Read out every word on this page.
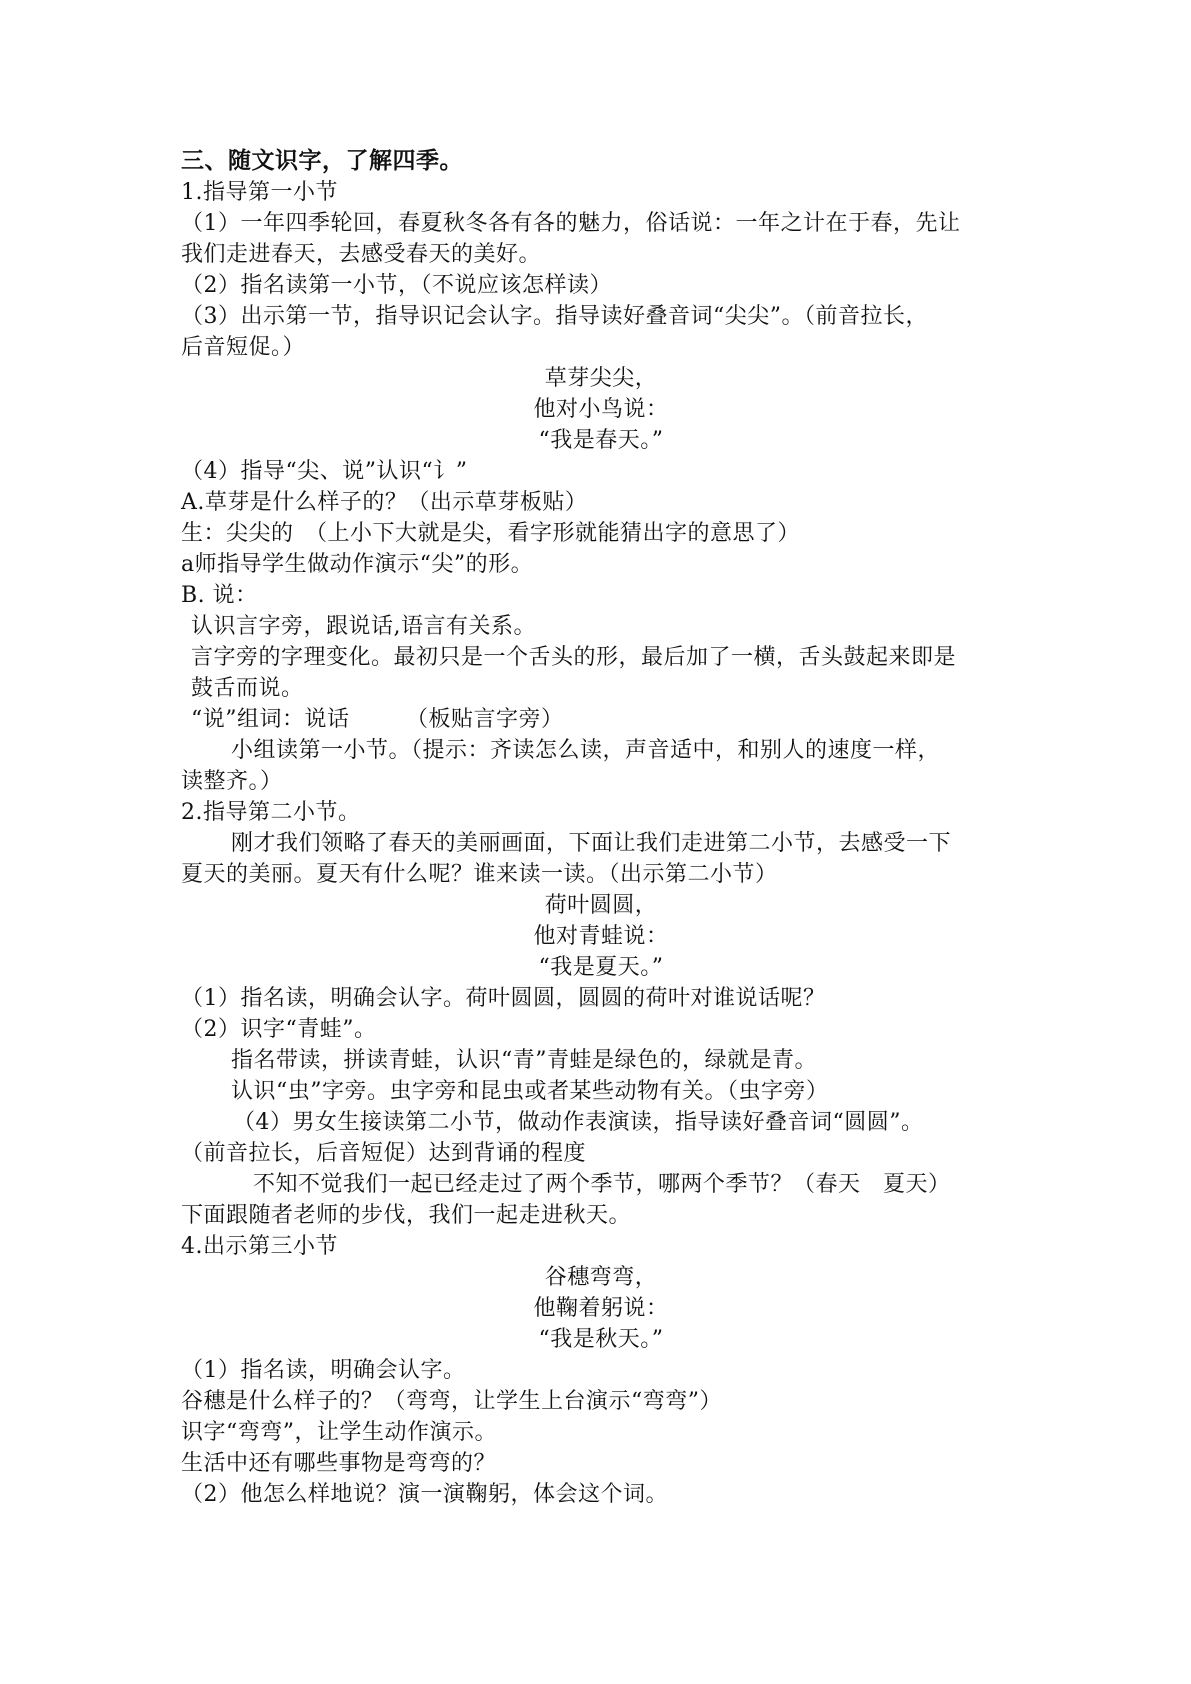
三、随文识字，了解四季。
1.指导第一小节
（1）一年四季轮回，春夏秋冬各有各的魅力，俗话说：一年之计在于春，先让
我们走进春天，去感受春天的美好。
（2）指名读第一小节，（不说应该怎样读）
（3）出示第一节，指导识记会认字。指导读好叠音词“尖尖”。（前音拉长，
后音短促。）
草芽尖尖，
他对小鸟说：
“我是春天。”
（4）指导“尖、说”认识“讠”
A.草芽是什么样子的？（出示草芽板贴）
生：尖尖的　（上小下大就是尖，看字形就能猜出字的意思了）
a师指导学生做动作演示“尖”的形。
B. 说：
认识言字旁，跟说话,语言有关系。
言字旁的字理变化。最初只是一个舌头的形，最后加了一横，舌头鼓起来即是
鼓舌而说。
“说”组词：说话　　　（板贴言字旁）
小组读第一小节。（提示：齐读怎么读，声音适中，和别人的速度一样，
读整齐。）
2.指导第二小节。
刚才我们领略了春天的美丽画面，下面让我们走进第二小节，去感受一下
夏天的美丽。夏天有什么呢？谁来读一读。（出示第二小节）
荷叶圆圆，
他对青蛙说：
“我是夏天。”
（1）指名读，明确会认字。荷叶圆圆，圆圆的荷叶对谁说话呢？
（2）识字“青蛙”。
指名带读，拼读青蛙，认识“青”青蛙是绿色的，绿就是青。
认识“虫”字旁。虫字旁和昆虫或者某些动物有关。（虫字旁）
（4）男女生接读第二小节，做动作表演读，指导读好叠音词“圆圆”。
（前音拉长，后音短促）达到背诵的程度
不知不觉我们一起已经走过了两个季节，哪两个季节？（春天　夏天）
下面跟随者老师的步伐，我们一起走进秋天。
4.出示第三小节
谷穗弯弯，
他鞠着躬说：
“我是秋天。”
（1）指名读，明确会认字。
谷穗是什么样子的？（弯弯，让学生上台演示“弯弯”）
识字“弯弯”，让学生动作演示。
生活中还有哪些事物是弯弯的？
（2）他怎么样地说？演一演鞠躬，体会这个词。
